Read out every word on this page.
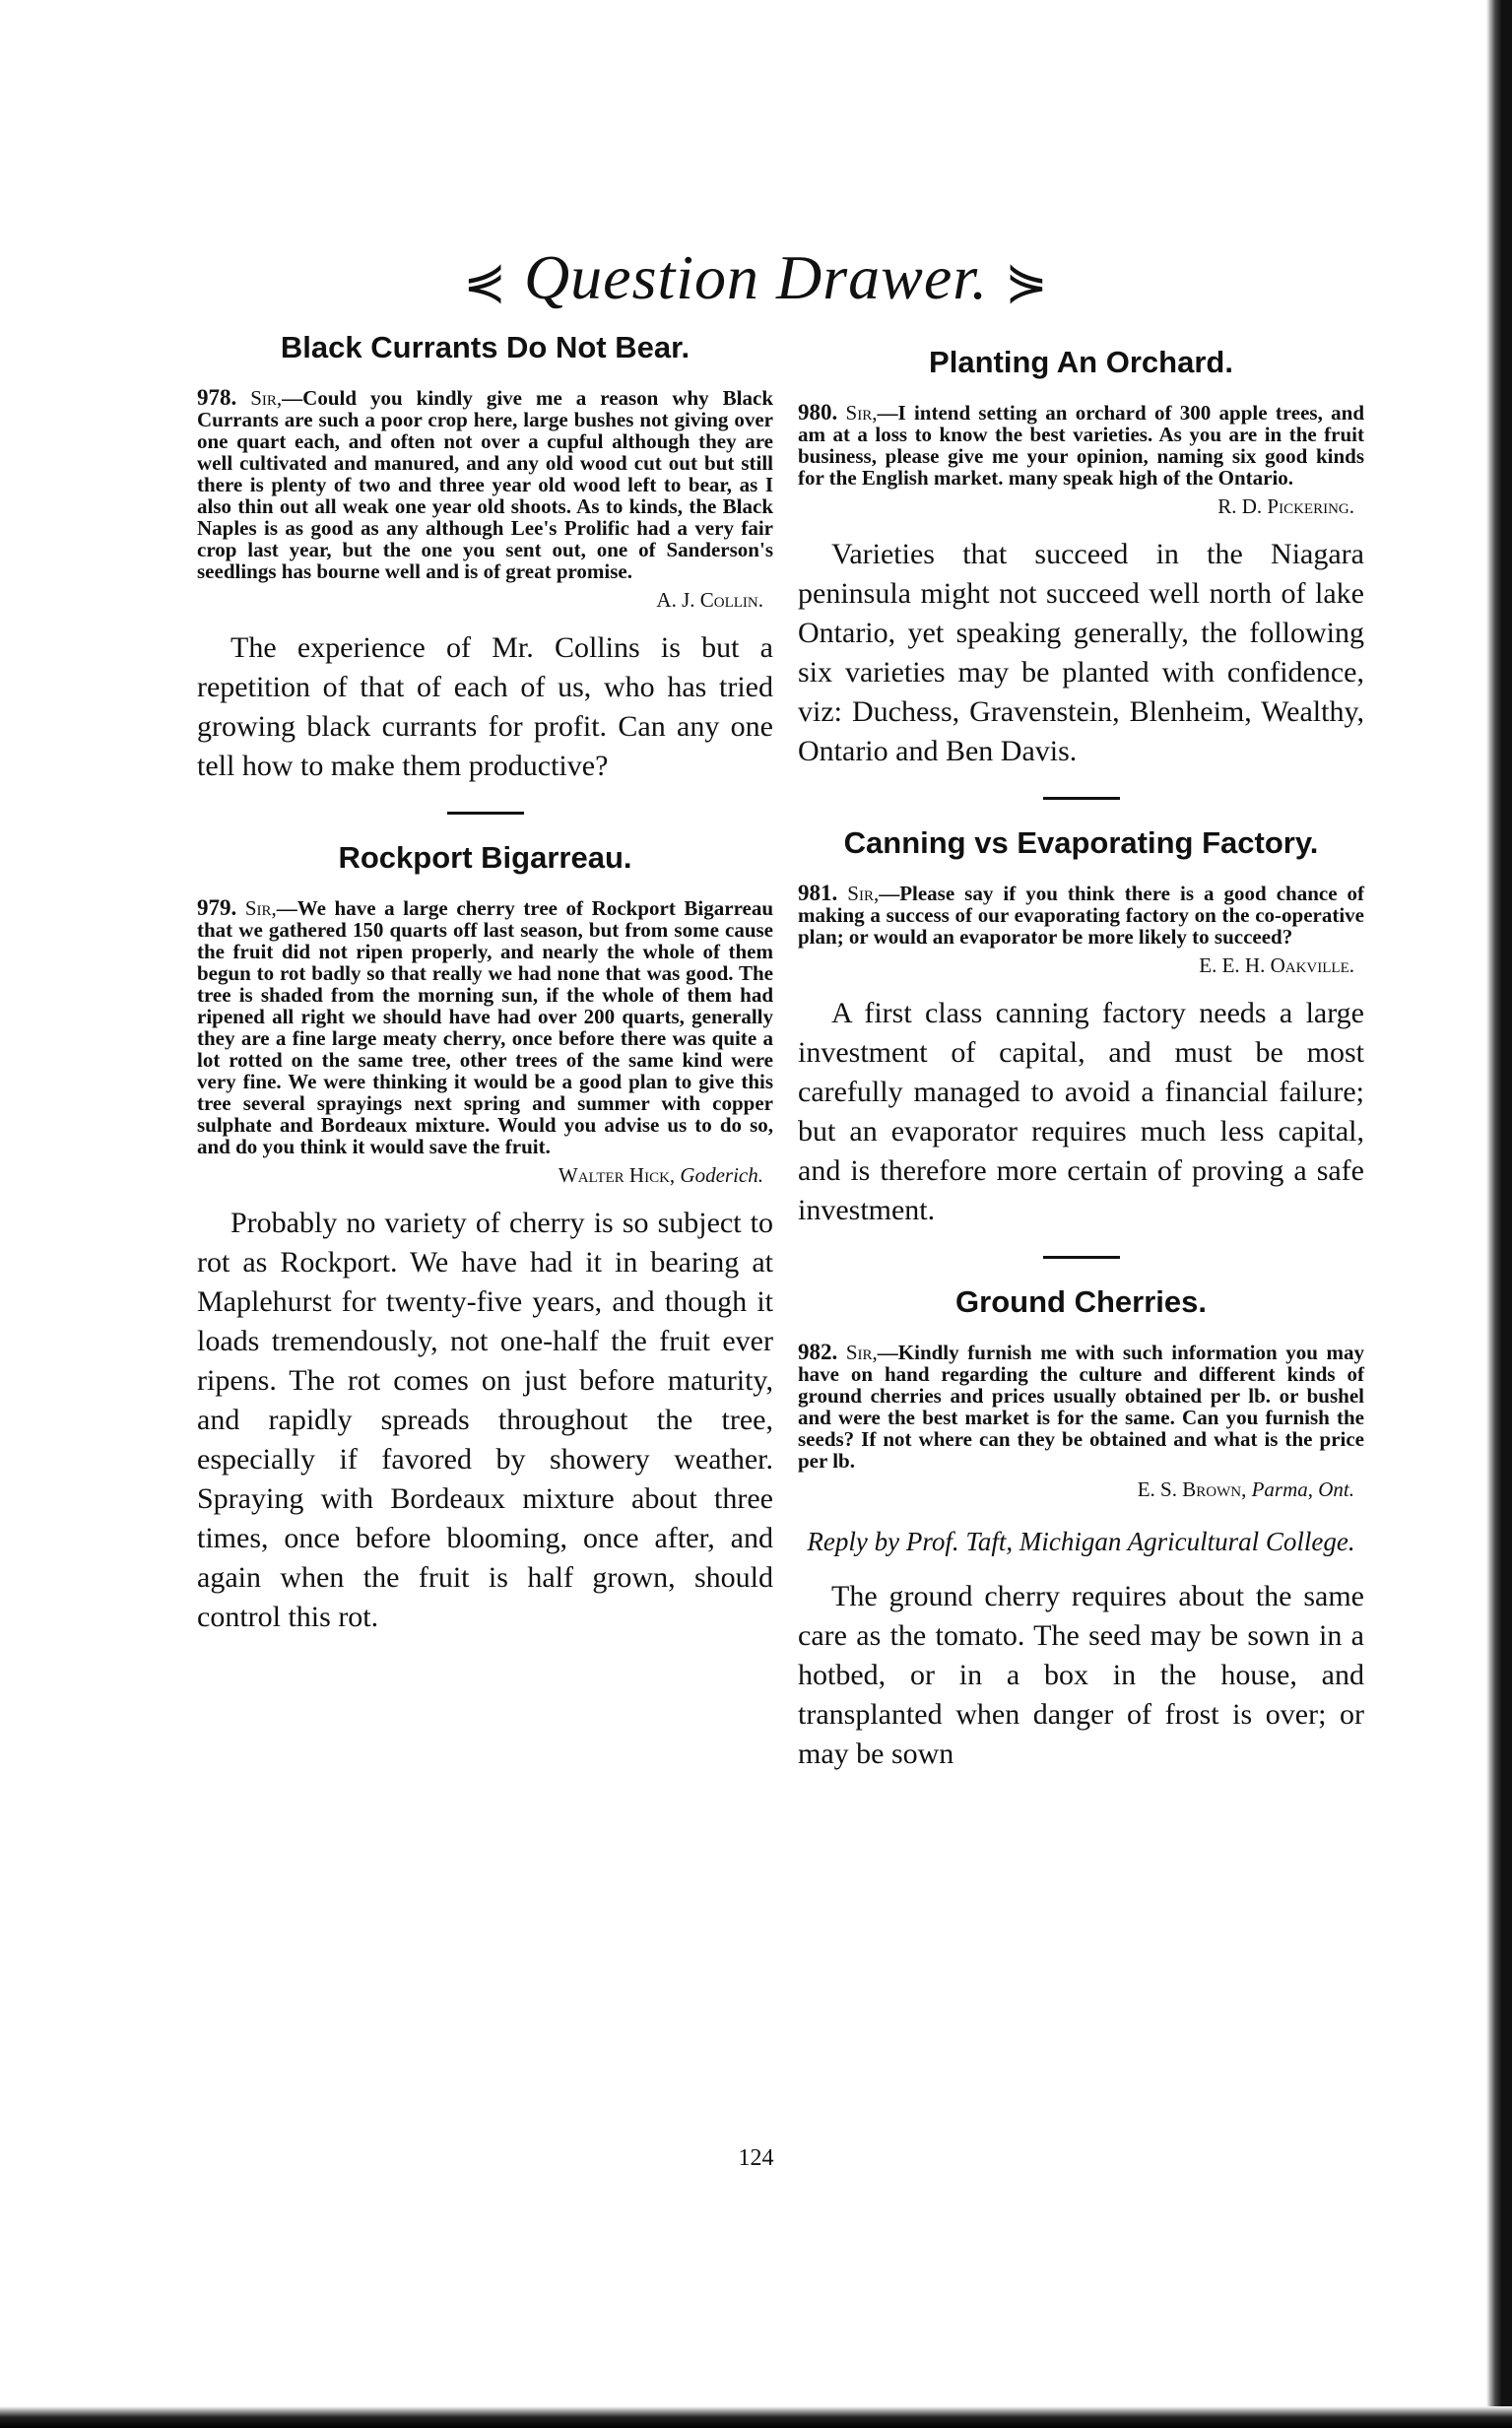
⋞ Question Drawer. ⋟
Black Currants Do Not Bear.

978. Sir,—Could you kindly give me a reason why Black Currants are such a poor crop here, large bushes not giving over one quart each, and often not over a cupful although they are well cultivated and manured, and any old wood cut out but still there is plenty of two and three year old wood left to bear, as I also thin out all weak one year old shoots. As to kinds, the Black Naples is as good as any although Lee's Prolific had a very fair crop last year, but the one you sent out, one of Sanderson's seedlings has bourne well and is of great promise.

A. J. Collin.

The experience of Mr. Collins is but a repetition of that of each of us, who has tried growing black currants for profit. Can any one tell how to make them productive?

Rockport Bigarreau.

979. Sir,—We have a large cherry tree of Rockport Bigarreau that we gathered 150 quarts off last season, but from some cause the fruit did not ripen properly, and nearly the whole of them begun to rot badly so that really we had none that was good. The tree is shaded from the morning sun, if the whole of them had ripened all right we should have had over 200 quarts, generally they are a fine large meaty cherry, once before there was quite a lot rotted on the same tree, other trees of the same kind were very fine. We were thinking it would be a good plan to give this tree several sprayings next spring and summer with copper sulphate and Bordeaux mixture. Would you advise us to do so, and do you think it would save the fruit.

Walter Hick, Goderich.

Probably no variety of cherry is so subject to rot as Rockport. We have had it in bearing at Maplehurst for twenty-five years, and though it loads tremendously, not one-half the fruit ever ripens. The rot comes on just before maturity, and rapidly spreads throughout the tree, especially if favored by showery weather. Spraying with Bordeaux mixture about three times, once before blooming, once after, and again when the fruit is half grown, should control this rot.

Planting An Orchard.

980. Sir,—I intend setting an orchard of 300 apple trees, and am at a loss to know the best varieties. As you are in the fruit business, please give me your opinion, naming six good kinds for the English market. many speak high of the Ontario.

R. D. Pickering.

Varieties that succeed in the Niagara peninsula might not succeed well north of lake Ontario, yet speaking generally, the following six varieties may be planted with confidence, viz: Duchess, Gravenstein, Blenheim, Wealthy, Ontario and Ben Davis.

Canning vs Evaporating Factory.

981. Sir,—Please say if you think there is a good chance of making a success of our evaporating factory on the co-operative plan; or would an evaporator be more likely to succeed?

E. E. H. Oakville.

A first class canning factory needs a large investment of capital, and must be most carefully managed to avoid a financial failure; but an evaporator requires much less capital, and is therefore more certain of proving a safe investment.

Ground Cherries.

982. Sir,—Kindly furnish me with such information you may have on hand regarding the culture and different kinds of ground cherries and prices usually obtained per lb. or bushel and were the best market is for the same. Can you furnish the seeds? If not where can they be obtained and what is the price per lb.

E. S. Brown, Parma, Ont.

Reply by Prof. Taft, Michigan Agricultural College.

The ground cherry requires about the same care as the tomato. The seed may be sown in a hotbed, or in a box in the house, and transplanted when danger of frost is over; or may be sown

124
